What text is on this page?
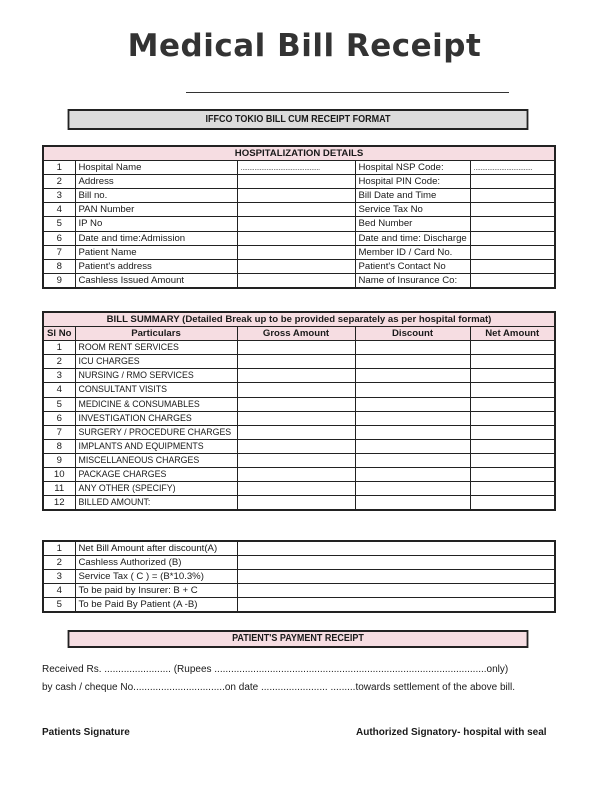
Medical Bill Receipt
IFFCO TOKIO BILL CUM RECEIPT FORMAT
HOSPITALIZATION DETAILS				
1	Hospital Name	..............................................	Hospital NSP Code:	..................................
2	Address		Hospital PIN Code:	
3	Bill no.		Bill Date and Time	
4	PAN Number		Service Tax No	
5	IP No		Bed Number	
6	Date and time:Admission		Date and time: Discharge	
7	Patient Name		Member ID / Card No.	
8	Patient's address		Patient's Contact No	
9	Cashless Issued Amount		Name of Insurance Co:	
BILL SUMMARY (Detailed Break up to be provided separately as per hospital format)				
Sl No	Particulars	Gross Amount	Discount	Net Amount
1	ROOM RENT SERVICES			
2	ICU CHARGES			
3	NURSING / RMO SERVICES			
4	CONSULTANT VISITS			
5	MEDICINE & CONSUMABLES			
6	INVESTIGATION CHARGES			
7	SURGERY / PROCEDURE CHARGES			
8	IMPLANTS AND EQUIPMENTS			
9	MISCELLANEOUS CHARGES			
10	PACKAGE CHARGES			
11	ANY OTHER (SPECIFY)			
12	BILLED AMOUNT:			
1	Net Bill Amount after discount(A)	
2	Cashless Authorized (B)	
3	Service Tax ( C ) = (B*10.3%)	
4	To be paid by Insurer: B + C	
5	To be Paid By Patient (A -B)	
PATIENT'S PAYMENT RECEIPT
Received Rs. ........................ (Rupees ..................................................................................................only)
by cash / cheque No.................................on date ........................ .........towards settlement of the above bill.
Patients Signature	Authorized Signatory- hospital with seal
